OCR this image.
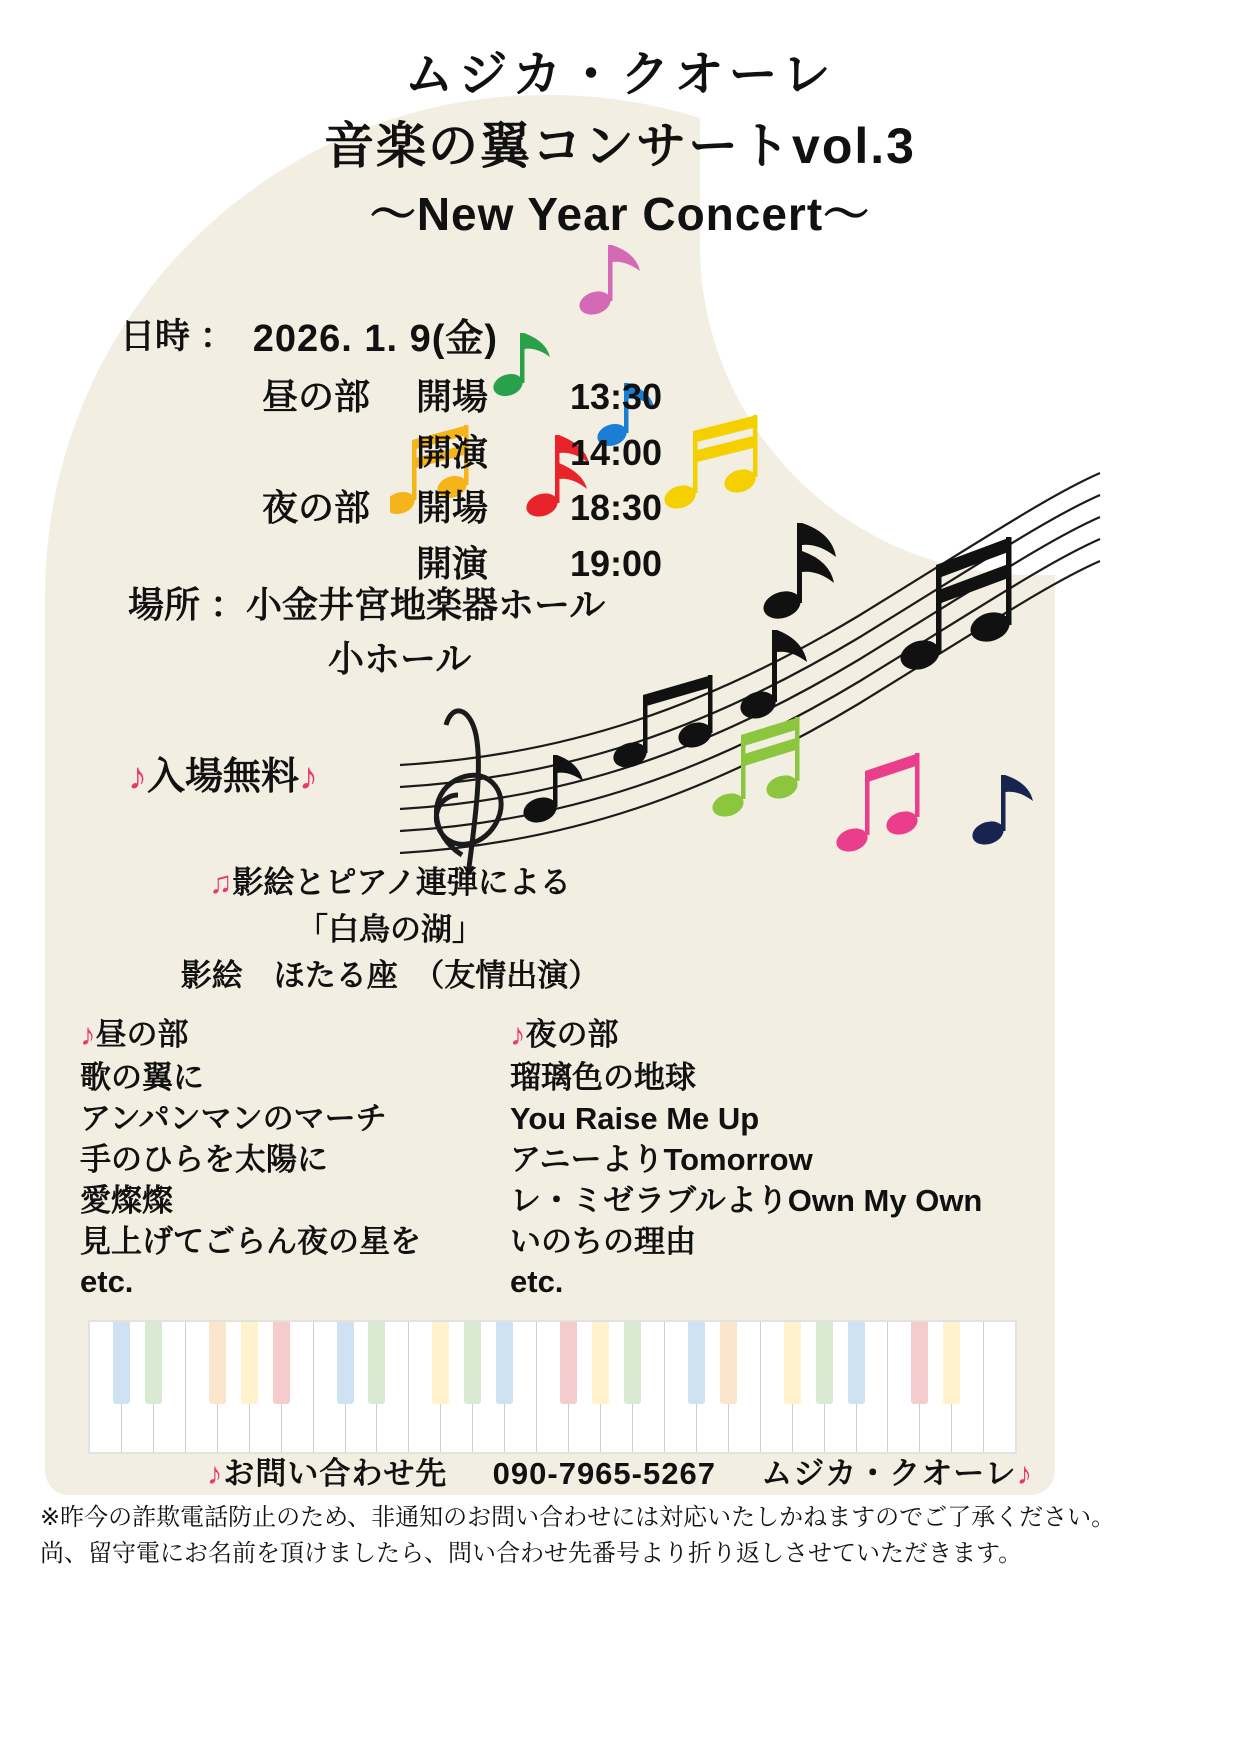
ムジカ・クオーレ
音楽の翼コンサートvol.3
〜New Year Concert〜
日時 ： 2026. 1. 9(金)
昼の部	開場	13:30

開演	14:00
夜の部	開場	18:30

開演	19:00
場所 ：小金井宮地楽器ホール
小ホール
♪入場無料♪
♫影絵とピアノ連弾による
「白鳥の湖」
影絵　ほたる座　（友情出演）
♪昼の部
歌の翼に
アンパンマンのマーチ
手のひらを太陽に
愛燦燦
見上げてごらん夜の星を
etc.
♪夜の部
瑠璃色の地球
You Raise Me Up
アニーよりTomorrow
レ・ミゼラブルよりOwn My Own
いのちの理由
etc.
♪お問い合わせ先 090-7965-5267 ムジカ・クオーレ♪
※昨今の詐欺電話防止のため、非通知のお問い合わせには対応いたしかねますのでご了承ください。
尚、留守電にお名前を頂けましたら、問い合わせ先番号より折り返しさせていただきます。
